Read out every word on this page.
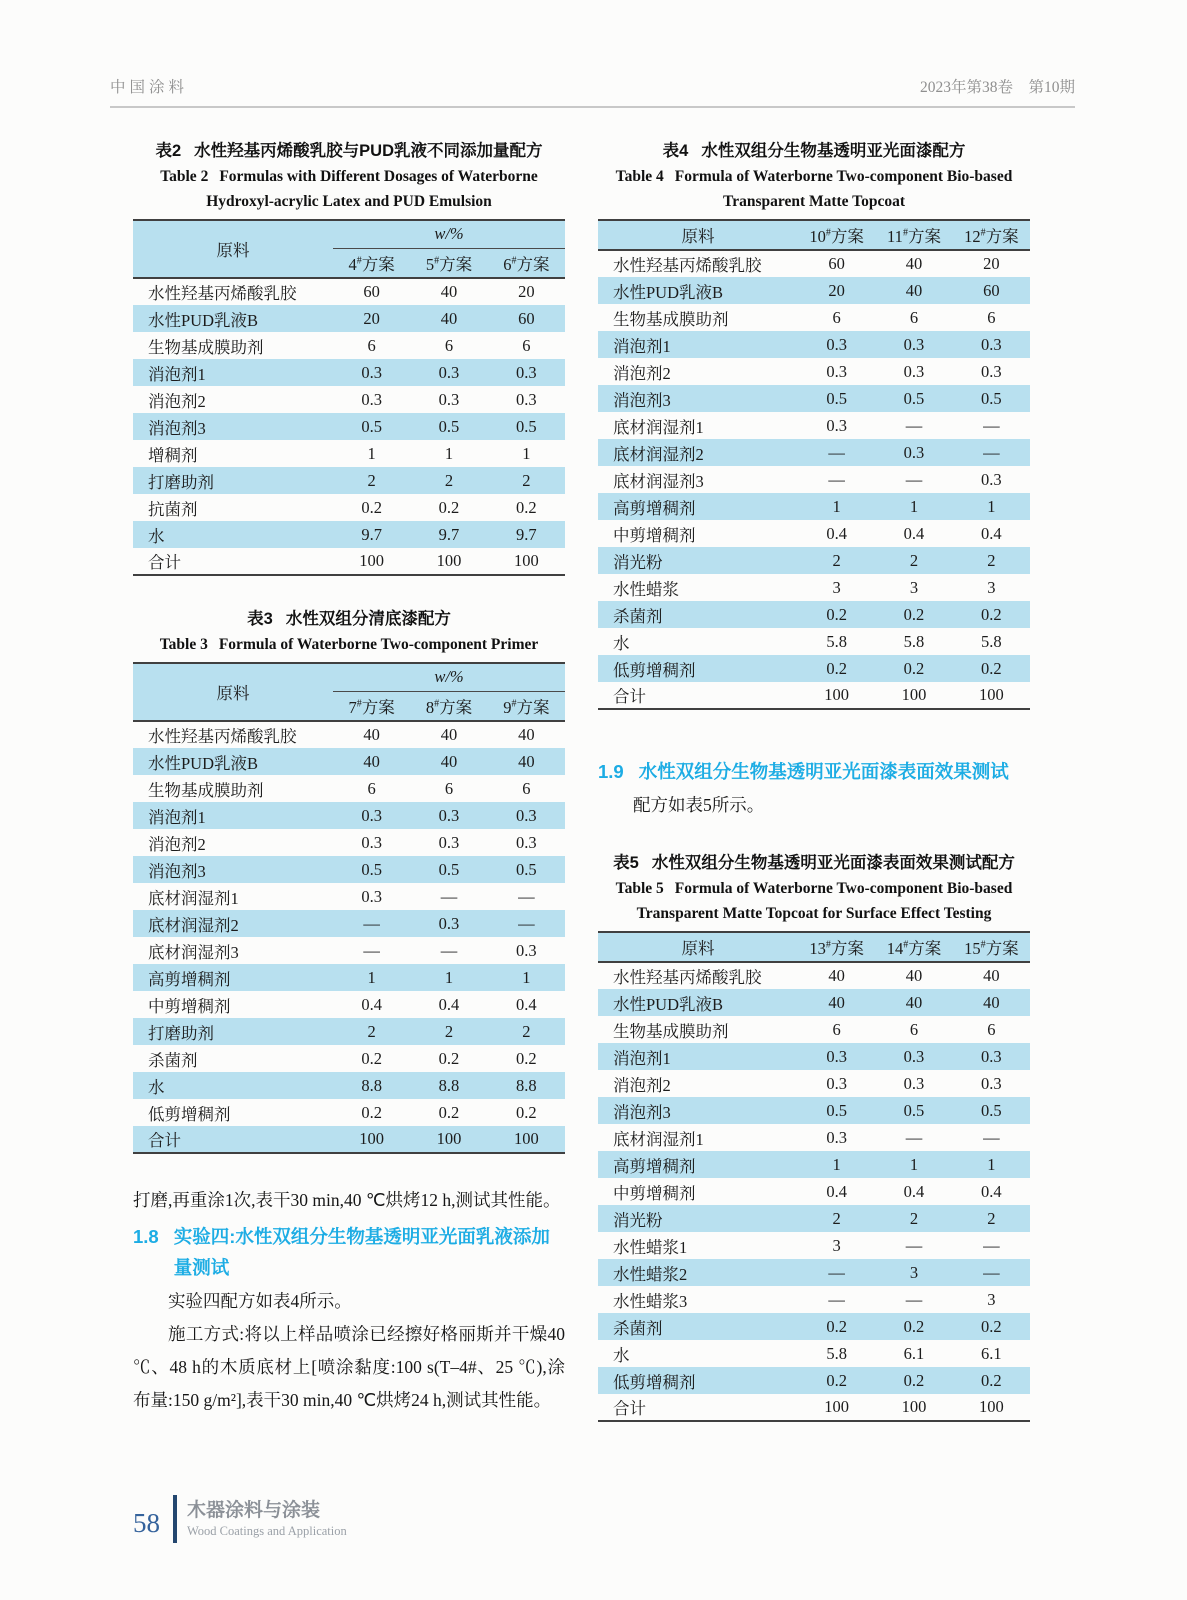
中国涂料	2023年第38卷　第10期
表2 水性羟基丙烯酸乳胶与PUD乳液不同添加量配方
Table 2 Formulas with Different Dosages of Waterborne Hydroxyl-acrylic Latex and PUD Emulsion
原料	w/%		
	4#方案	5#方案	6#方案
水性羟基丙烯酸乳胶	60	40	20
水性PUD乳液B	20	40	60
生物基成膜助剂	6	6	6
消泡剂1	0.3	0.3	0.3
消泡剂2	0.3	0.3	0.3
消泡剂3	0.5	0.5	0.5
增稠剂	1	1	1
打磨助剂	2	2	2
抗菌剂	0.2	0.2	0.2
水	9.7	9.7	9.7
合计	100	100	100
表3 水性双组分清底漆配方
Table 3 Formula of Waterborne Two-component Primer
原料	w/%		
	7#方案	8#方案	9#方案
水性羟基丙烯酸乳胶	40	40	40
水性PUD乳液B	40	40	40
生物基成膜助剂	6	6	6
消泡剂1	0.3	0.3	0.3
消泡剂2	0.3	0.3	0.3
消泡剂3	0.5	0.5	0.5
底材润湿剂1	0.3	—	—
底材润湿剂2	—	0.3	—
底材润湿剂3	—	—	0.3
高剪增稠剂	1	1	1
中剪增稠剂	0.4	0.4	0.4
打磨助剂	2	2	2
杀菌剂	0.2	0.2	0.2
水	8.8	8.8	8.8
低剪增稠剂	0.2	0.2	0.2
合计	100	100	100

打磨,再重涂1次,表干30 min,40 ℃烘烤12 h,测试其性能。

1.8 实验四:水性双组分生物基透明亚光面乳液添加量测试

实验四配方如表4所示。

施工方式:将以上样品喷涂已经擦好格丽斯并干燥40 ℃、48 h的木质底材上[喷涂黏度:100 s(T–4#、25 ℃),涂布量:150 g/m²],表干30 min,40 ℃烘烤24 h,测试其性能。

表4 水性双组分生物基透明亚光面漆配方
Table 4 Formula of Waterborne Two-component Bio-based Transparent Matte Topcoat
原料	10#方案	11#方案	12#方案
水性羟基丙烯酸乳胶	60	40	20
水性PUD乳液B	20	40	60
生物基成膜助剂	6	6	6
消泡剂1	0.3	0.3	0.3
消泡剂2	0.3	0.3	0.3
消泡剂3	0.5	0.5	0.5
底材润湿剂1	0.3	—	—
底材润湿剂2	—	0.3	—
底材润湿剂3	—	—	0.3
高剪增稠剂	1	1	1
中剪增稠剂	0.4	0.4	0.4
消光粉	2	2	2
水性蜡浆	3	3	3
杀菌剂	0.2	0.2	0.2
水	5.8	5.8	5.8
低剪增稠剂	0.2	0.2	0.2
合计	100	100	100
1.9 水性双组分生物基透明亚光面漆表面效果测试

配方如表5所示。

表5 水性双组分生物基透明亚光面漆表面效果测试配方
Table 5 Formula of Waterborne Two-component Bio-based Transparent Matte Topcoat for Surface Effect Testing
原料	13#方案	14#方案	15#方案
水性羟基丙烯酸乳胶	40	40	40
水性PUD乳液B	40	40	40
生物基成膜助剂	6	6	6
消泡剂1	0.3	0.3	0.3
消泡剂2	0.3	0.3	0.3
消泡剂3	0.5	0.5	0.5
底材润湿剂1	0.3	—	—
高剪增稠剂	1	1	1
中剪增稠剂	0.4	0.4	0.4
消光粉	2	2	2
水性蜡浆1	3	—	—
水性蜡浆2	—	3	—
水性蜡浆3	—	—	3
杀菌剂	0.2	0.2	0.2
水	5.8	6.1	6.1
低剪增稠剂	0.2	0.2	0.2
合计	100	100	100
58 木器涂料与涂装
Wood Coatings and Application
